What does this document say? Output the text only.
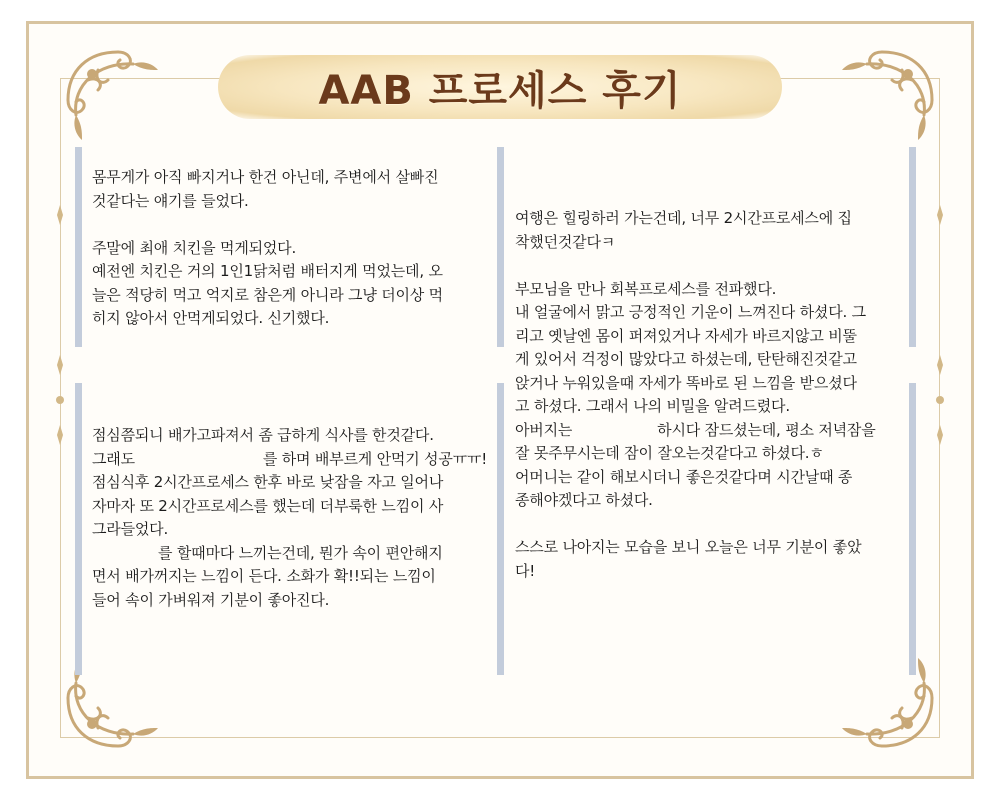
AAB 프로세스 후기

몸무게가 아직 빠지거나 한건 아닌데, 주변에서 살빠진

것같다는 얘기를 들었다.

주말에 최애 치킨을 먹게되었다.

예전엔 치킨은 거의 1인1닭처럼 배터지게 먹었는데, 오

늘은 적당히 먹고 억지로 참은게 아니라 그냥 더이상 먹

히지 않아서 안먹게되었다. 신기했다.

점심쯤되니 배가고파져서 좀 급하게 식사를 한것같다.

그래도	를 하며 배부르게 안먹기 성공ㅠㅠ!

점심식후 2시간프로세스 한후 바로 낮잠을 자고 일어나

자마자 또 2시간프로세스를 했는데 더부룩한 느낌이 사

그라들었다.

를 할때마다 느끼는건데, 뭔가 속이 편안해지

면서 배가꺼지는 느낌이 든다. 소화가 확!!되는 느낌이

들어 속이 가벼워져 기분이 좋아진다.

여행은 힐링하러 가는건데, 너무 2시간프로세스에 집

착했던것같다ㅋ

부모님을 만나 회복프로세스를 전파했다.

내 얼굴에서 맑고 긍정적인 기운이 느껴진다 하셨다. 그

리고 옛날엔 몸이 퍼져있거나 자세가 바르지않고 비뚤

게 있어서 걱정이 많았다고 하셨는데, 탄탄해진것같고

앉거나 누워있을때 자세가 똑바로 된 느낌을 받으셨다

고 하셨다. 그래서 나의 비밀을 알려드렸다.

아버지는	하시다 잠드셨는데, 평소 저녁잠을

잘 못주무시는데 잠이 잘오는것같다고 하셨다.ㅎ

어머니는 같이 해보시더니 좋은것같다며 시간날때 종

종해야겠다고 하셨다.

스스로 나아지는 모습을 보니 오늘은 너무 기분이 좋았

다!
